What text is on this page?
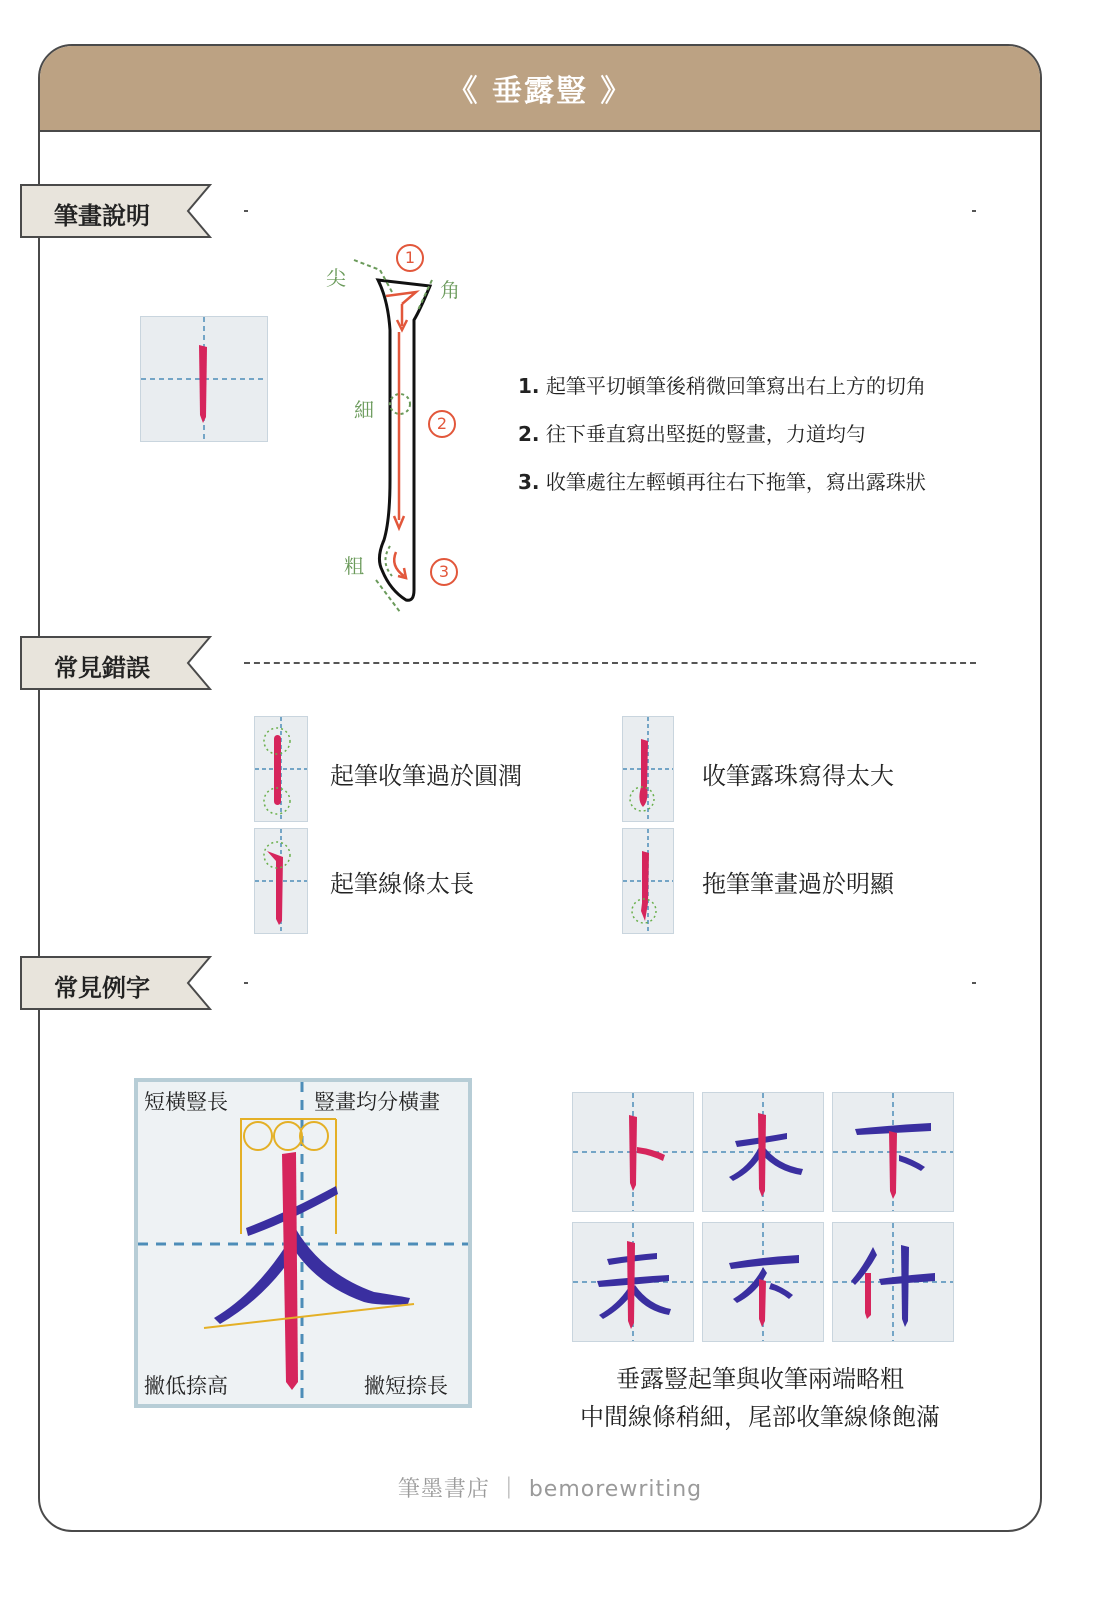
《 垂露豎 》
筆畫說明
常見錯誤
常見例字
尖	角
細
粗
1
2
3
1. 起筆平切頓筆後稍微回筆寫出右上方的切角
2. 往下垂直寫出堅挺的豎畫，力道均勻
3. 收筆處往左輕頓再往右下拖筆，寫出露珠狀
起筆收筆過於圓潤	收筆露珠寫得太大
起筆線條太長	拖筆筆畫過於明顯
短橫豎長	豎畫均分橫畫
撇低捺高	撇短捺長	垂露豎起筆與收筆兩端略粗
中間線條稍細，尾部收筆線條飽滿
筆墨書店 ｜ bemorewriting
